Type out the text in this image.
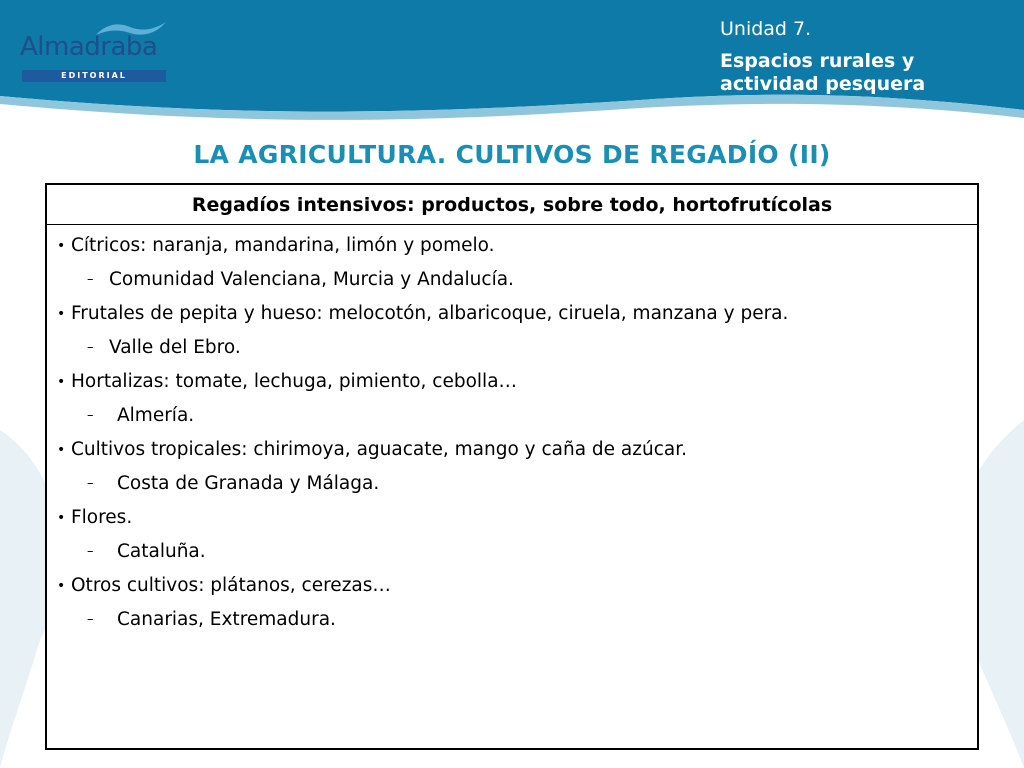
Almadraba
EDITORIAL

Unidad 7.

Espacios rurales y actividad pesquera

LA AGRICULTURA. CULTIVOS DE REGADÍO (II)
Regadíos intensivos: productos, sobre todo, hortofrutícolas
• Cítricos: naranja, mandarina, limón y pomelo.
– Comunidad Valenciana, Murcia y Andalucía.
• Frutales de pepita y hueso: melocotón, albaricoque, ciruela, manzana y pera.
– Valle del Ebro.
• Hortalizas: tomate, lechuga, pimiento, cebolla…
– Almería.
• Cultivos tropicales: chirimoya, aguacate, mango y caña de azúcar.
– Costa de Granada y Málaga.
• Flores.
– Cataluña.
• Otros cultivos: plátanos, cerezas…
– Canarias, Extremadura.
